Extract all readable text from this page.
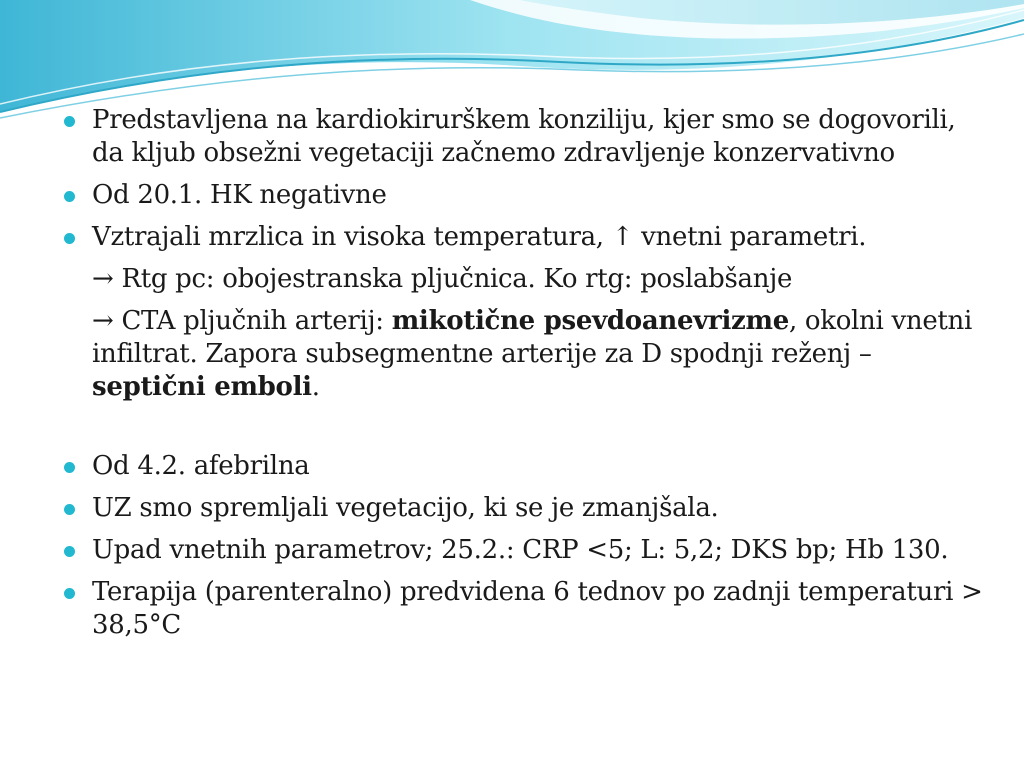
Predstavljena na kardiokirurškem konziliju, kjer smo se dogovorili, da kljub obsežni vegetaciji začnemo zdravljenje konzervativno
Od 20.1. HK negativne
Vztrajali mrzlica in visoka temperatura, ↑ vnetni parametri.
→ Rtg pc: obojestranska pljučnica. Ko rtg: poslabšanje
→ CTA pljučnih arterij: mikotične psevdoanevrizme, okolni vnetni infiltrat. Zapora subsegmentne arterije za D spodnji reženj – septični emboli.
Od 4.2. afebrilna
UZ smo spremljali vegetacijo, ki se je zmanjšala.
Upad vnetnih parametrov; 25.2.: CRP <5; L: 5,2; DKS bp; Hb 130.
Terapija (parenteralno) predvidena 6 tednov po zadnji temperaturi > 38,5°C
